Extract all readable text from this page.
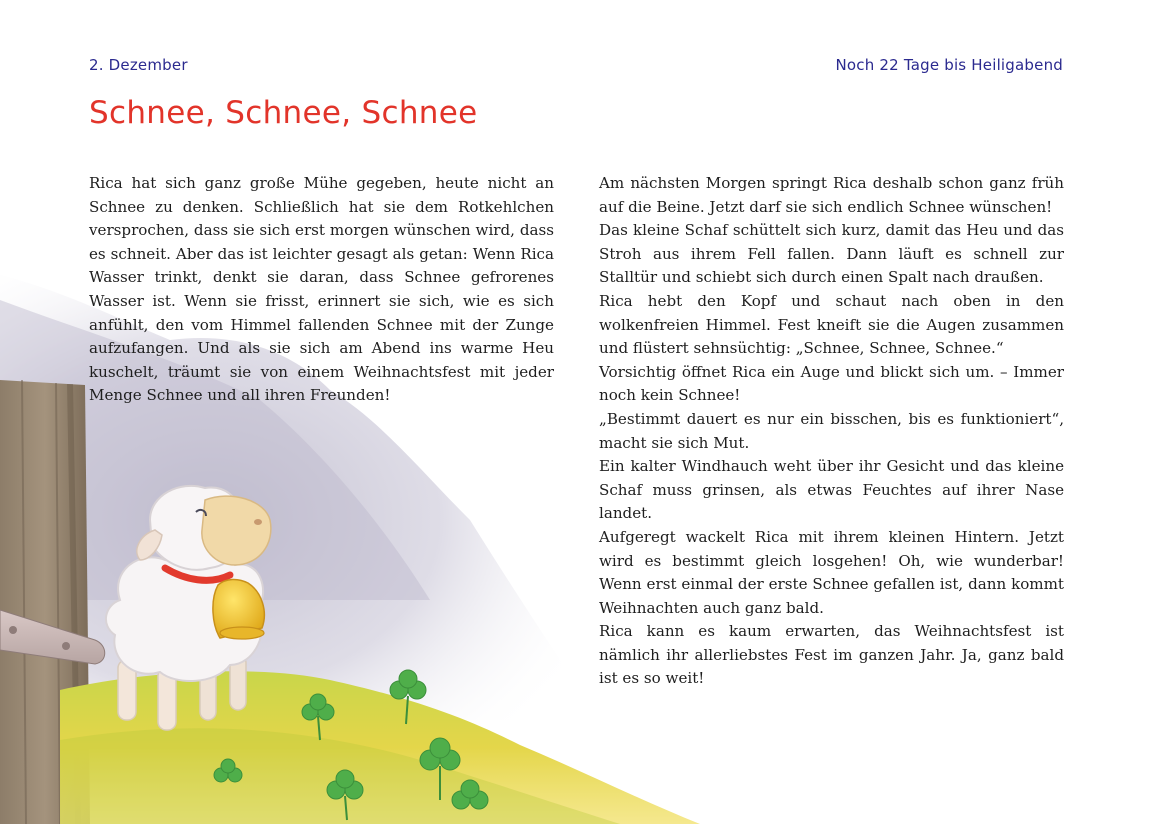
2. Dezember	Noch 22 Tage bis Heiligabend
Schnee, Schnee, Schnee

Rica hat sich ganz große Mühe gegeben, heute nicht an Schnee zu denken. Schließlich hat sie dem Rotkehlchen versprochen, dass sie sich erst morgen wünschen wird, dass es schneit. Aber das ist leichter gesagt als getan: Wenn Rica Wasser trinkt, denkt sie daran, dass Schnee gefrorenes Wasser ist. Wenn sie frisst, erinnert sie sich, wie es sich anfühlt, den vom Himmel fallenden Schnee mit der Zunge aufzufangen. Und als sie sich am Abend ins warme Heu kuschelt, träumt sie von einem Weihnachtsfest mit jeder Menge Schnee und all ihren Freunden!

Am nächsten Morgen springt Rica deshalb schon ganz früh auf die Beine. Jetzt darf sie sich endlich Schnee wünschen!

Das kleine Schaf schüttelt sich kurz, damit das Heu und das Stroh aus ihrem Fell fallen. Dann läuft es schnell zur Stalltür und schiebt sich durch einen Spalt nach draußen.

Rica hebt den Kopf und schaut nach oben in den wolkenfreien Himmel. Fest kneift sie die Augen zusammen und flüstert sehnsüchtig: „Schnee, Schnee, Schnee.“

Vorsichtig öffnet Rica ein Auge und blickt sich um. – Immer noch kein Schnee!

„Bestimmt dauert es nur ein bisschen, bis es funktioniert“, macht sie sich Mut.

Ein kalter Windhauch weht über ihr Gesicht und das kleine Schaf muss grinsen, als etwas Feuchtes auf ihrer Nase landet.

Aufgeregt wackelt Rica mit ihrem kleinen Hintern. Jetzt wird es bestimmt gleich losgehen! Oh, wie wunderbar! Wenn erst einmal der erste Schnee gefallen ist, dann kommt Weihnachten auch ganz bald.

Rica kann es kaum erwarten, das Weihnachtsfest ist nämlich ihr allerliebstes Fest im ganzen Jahr. Ja, ganz bald ist es so weit!
